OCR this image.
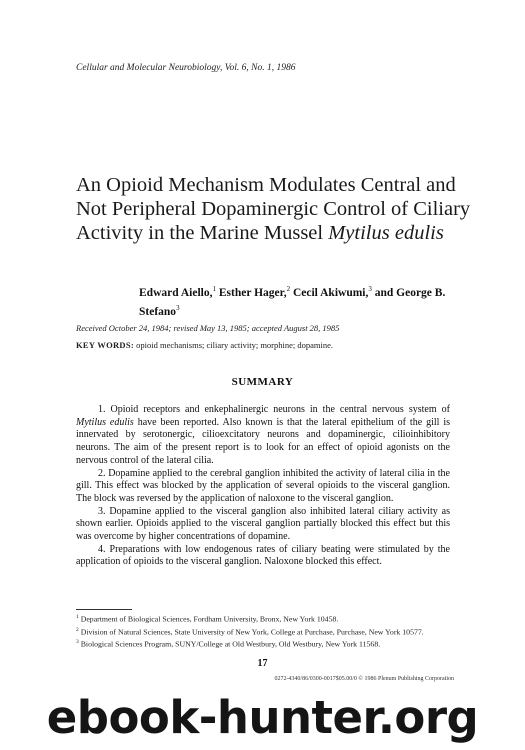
Cellular and Molecular Neurobiology, Vol. 6, No. 1, 1986
An Opioid Mechanism Modulates Central and Not Peripheral Dopaminergic Control of Ciliary Activity in the Marine Mussel Mytilus edulis
Edward Aiello,$^1$ Esther Hager,$^2$ Cecil Akiwumi,$^3$ and George B. Stefano$^3$
Received October 24, 1984; revised May 13, 1985; accepted August 28, 1985
KEY WORDS: opioid mechanisms; ciliary activity; morphine; dopamine.
SUMMARY

1. Opioid receptors and enkephalinergic neurons in the central nervous system of Mytilus edulis have been reported. Also known is that the lateral epithelium of the gill is innervated by serotonergic, cilioexcitatory neurons and dopaminergic, cilioinhibitory neurons. The aim of the present report is to look for an effect of opioid agonists on the nervous control of the lateral cilia.

2. Dopamine applied to the cerebral ganglion inhibited the activity of lateral cilia in the gill. This effect was blocked by the application of several opioids to the visceral ganglion. The block was reversed by the application of naloxone to the visceral ganglion.

3. Dopamine applied to the visceral ganglion also inhibited lateral ciliary activity as shown earlier. Opioids applied to the visceral ganglion partially blocked this effect but this was overcome by higher concentrations of dopamine.

4. Preparations with low endogenous rates of ciliary beating were stimulated by the application of opioids to the visceral ganglion. Naloxone blocked this effect.

$^1$ Department of Biological Sciences, Fordham University, Bronx, New York 10458.
$^2$ Division of Natural Sciences, State University of New York, College at Purchase, Purchase, New York 10577.
$^3$ Biological Sciences Program, SUNY/College at Old Westbury, Old Westbury, New York 11568.
17
0272-4340/86/0300-0017$05.00/0 © 1986 Plenum Publishing Corporation
ebook-hunter.org
